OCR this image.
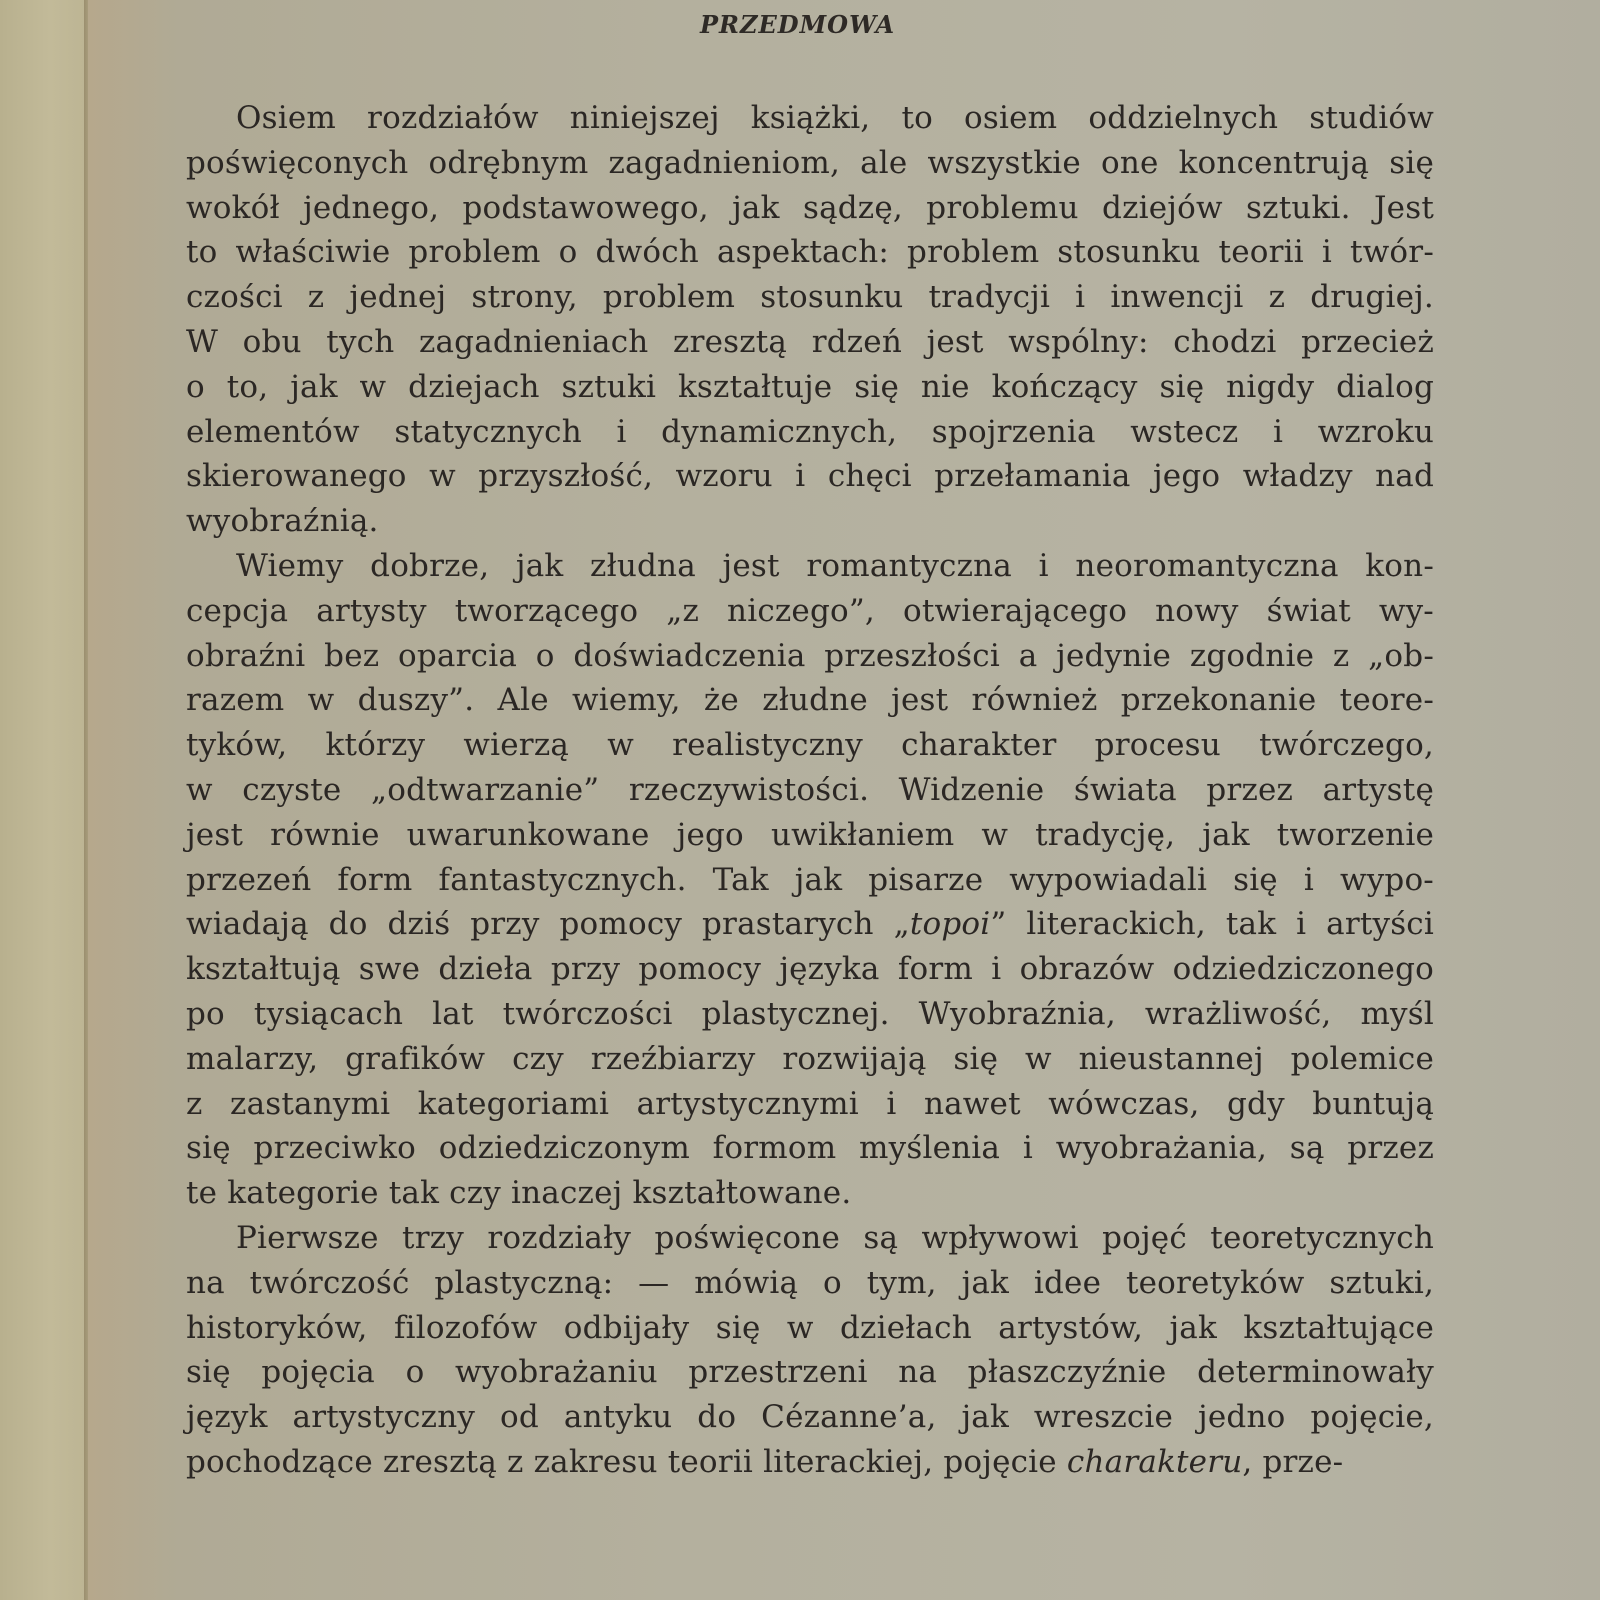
PRZEDMOWA
Osiem rozdziałów niniejszej książki, to osiem oddzielnych studiów
poświęconych odrębnym zagadnieniom, ale wszystkie one koncentrują się
wokół jednego, podstawowego, jak sądzę, problemu dziejów sztuki. Jest
to właściwie problem o dwóch aspektach: problem stosunku teorii i twór-
czości z jednej strony, problem stosunku tradycji i inwencji z drugiej.
W obu tych zagadnieniach zresztą rdzeń jest wspólny: chodzi przecież
o to, jak w dziejach sztuki kształtuje się nie kończący się nigdy dialog
elementów statycznych i dynamicznych, spojrzenia wstecz i wzroku
skierowanego w przyszłość, wzoru i chęci przełamania jego władzy nad
wyobraźnią.
Wiemy dobrze, jak złudna jest romantyczna i neoromantyczna kon-
cepcja artysty tworzącego „z niczego”, otwierającego nowy świat wy-
obraźni bez oparcia o doświadczenia przeszłości a jedynie zgodnie z „ob-
razem w duszy”. Ale wiemy, że złudne jest również przekonanie teore-
tyków, którzy wierzą w realistyczny charakter procesu twórczego,
w czyste „odtwarzanie” rzeczywistości. Widzenie świata przez artystę
jest równie uwarunkowane jego uwikłaniem w tradycję, jak tworzenie
przezeń form fantastycznych. Tak jak pisarze wypowiadali się i wypo-
wiadają do dziś przy pomocy prastarych „topoi” literackich, tak i artyści
kształtują swe dzieła przy pomocy języka form i obrazów odziedziczonego
po tysiącach lat twórczości plastycznej. Wyobraźnia, wrażliwość, myśl
malarzy, grafików czy rzeźbiarzy rozwijają się w nieustannej polemice
z zastanymi kategoriami artystycznymi i nawet wówczas, gdy buntują
się przeciwko odziedziczonym formom myślenia i wyobrażania, są przez
te kategorie tak czy inaczej kształtowane.
Pierwsze trzy rozdziały poświęcone są wpływowi pojęć teoretycznych
na twórczość plastyczną: — mówią o tym, jak idee teoretyków sztuki,
historyków, filozofów odbijały się w dziełach artystów, jak kształtujące
się pojęcia o wyobrażaniu przestrzeni na płaszczyźnie determinowały
język artystyczny od antyku do Cézanne’a, jak wreszcie jedno pojęcie,
pochodzące zresztą z zakresu teorii literackiej, pojęcie charakteru, prze-
